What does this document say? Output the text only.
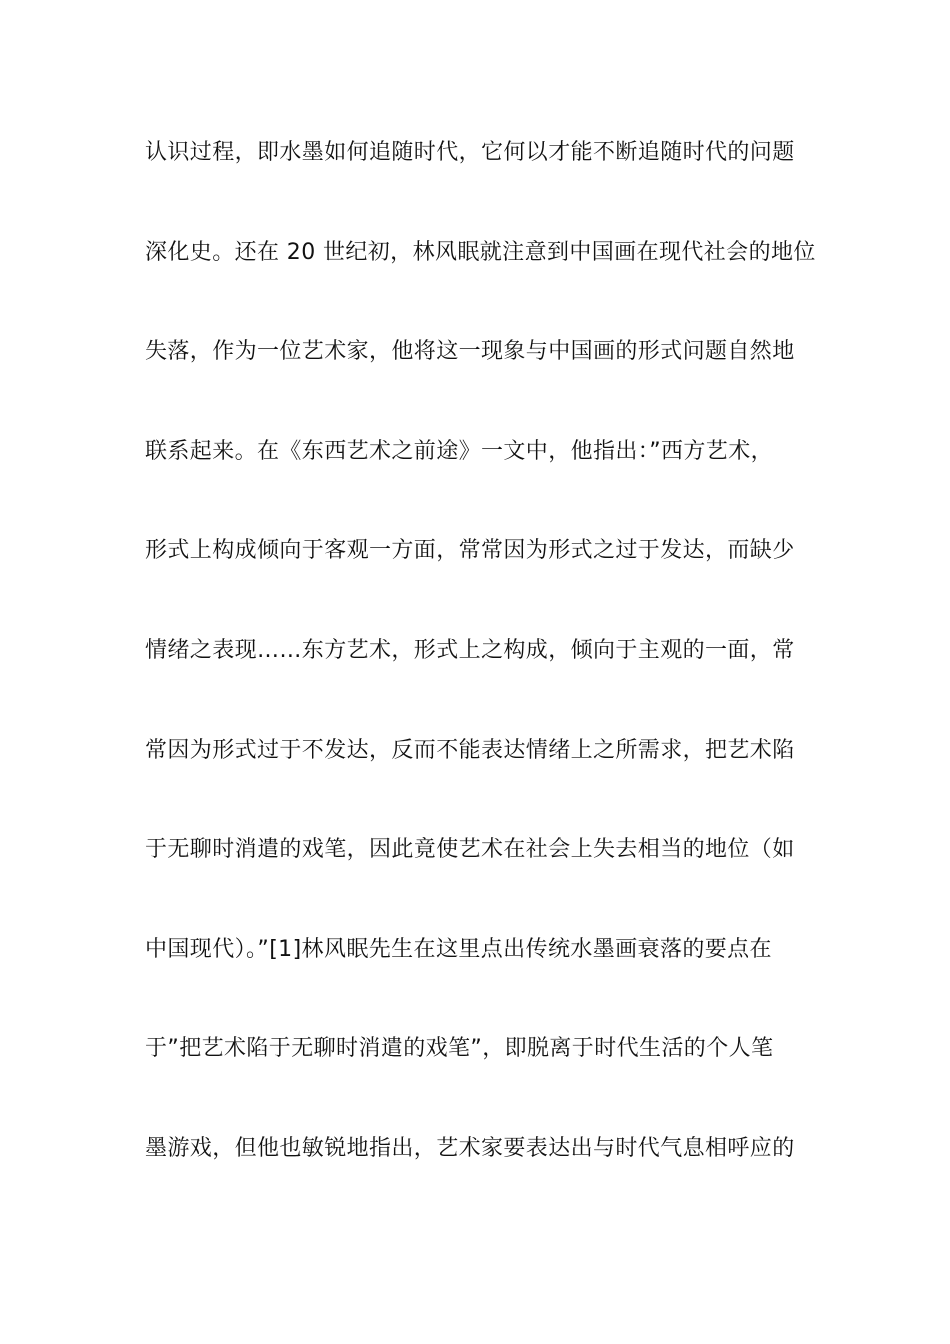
认识过程，即水墨如何追随时代，它何以才能不断追随时代的问题
深化史。还在 20 世纪初，林风眠就注意到中国画在现代社会的地位
失落，作为一位艺术家，他将这一现象与中国画的形式问题自然地
联系起来。在《东西艺术之前途》一文中，他指出：”西方艺术，
形式上构成倾向于客观一方面，常常因为形式之过于发达，而缺少
情绪之表现……东方艺术，形式上之构成，倾向于主观的一面，常
常因为形式过于不发达，反而不能表达情绪上之所需求，把艺术陷
于无聊时消遣的戏笔，因此竟使艺术在社会上失去相当的地位（如
中国现代）。”[1]林风眠先生在这里点出传统水墨画衰落的要点在
于”把艺术陷于无聊时消遣的戏笔”，即脱离于时代生活的个人笔
墨游戏，但他也敏锐地指出，艺术家要表达出与时代气息相呼应的
